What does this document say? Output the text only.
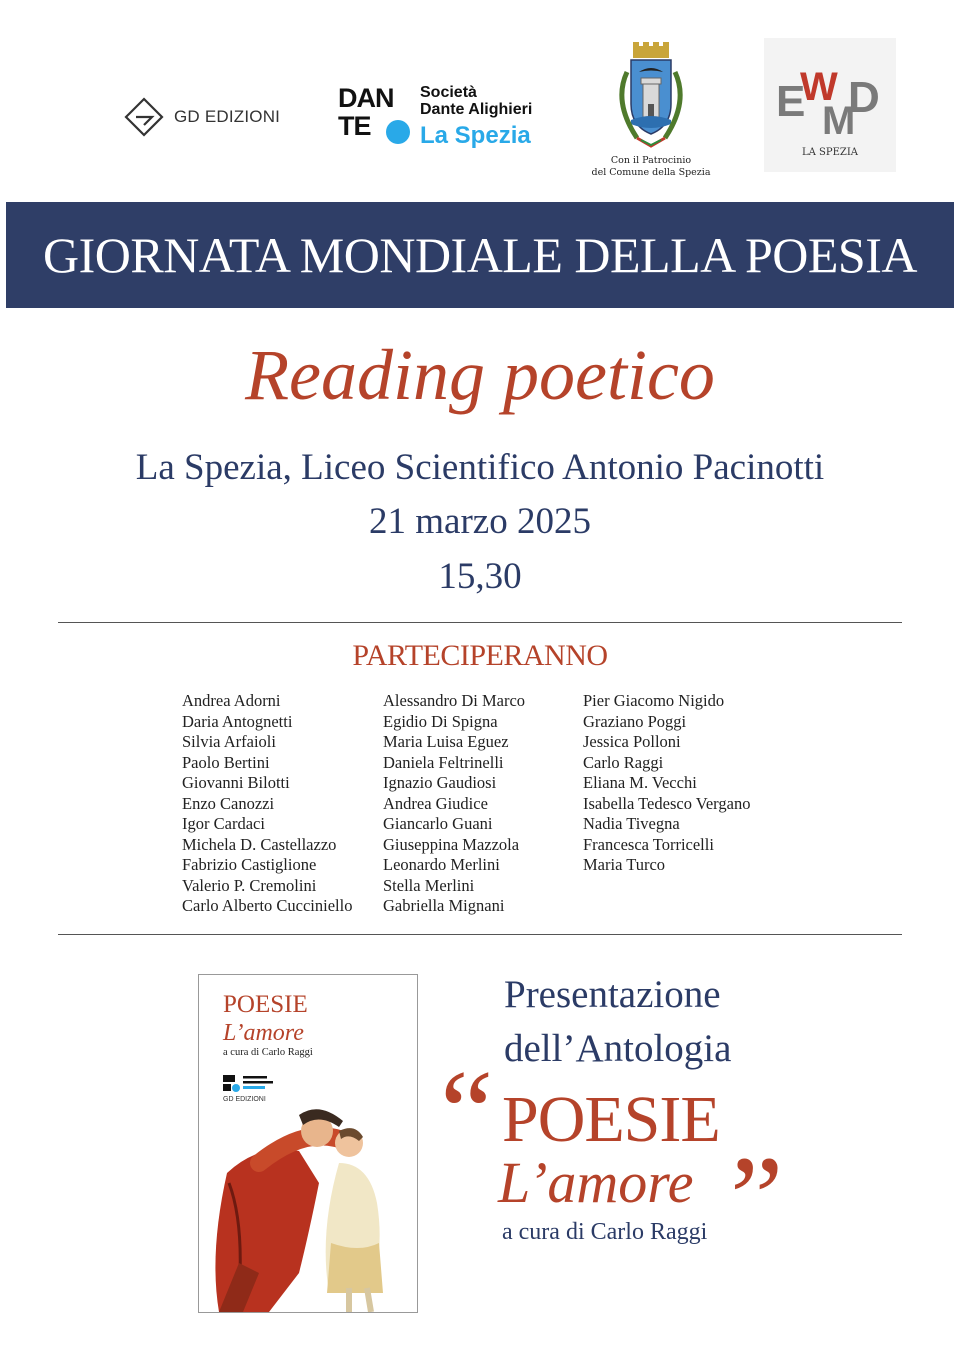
GD EDIZIONI
DAN
TE
Società
Dante Alighieri
La Spezia
Con il Patrocinio
del Comune della Spezia
E
W
M
D
LA SPEZIA
GIORNATA MONDIALE DELLA POESIA
Reading poetico
La Spezia, Liceo Scientifico Antonio Pacinotti
21 marzo 2025
15,30
PARTECIPERANNO
Andrea Adorni
Daria Antognetti
Silvia Arfaioli
Paolo Bertini
Giovanni Bilotti
Enzo Canozzi
Igor Cardaci
Michela D. Castellazzo
Fabrizio Castiglione
Valerio P. Cremolini
Carlo Alberto Cucciniello
Alessandro Di Marco
Egidio Di Spigna
Maria Luisa Eguez
Daniela Feltrinelli
Ignazio Gaudiosi
Andrea Giudice
Giancarlo Guani
Giuseppina Mazzola
Leonardo Merlini
Stella Merlini
Gabriella Mignani
Pier Giacomo Nigido
Graziano Poggi
Jessica Polloni
Carlo Raggi
Eliana M. Vecchi
Isabella Tedesco Vergano
Nadia Tivegna
Francesca Torricelli
Maria Turco
POESIE
L’amore
a cura di Carlo Raggi
GD EDIZIONI
Presentazione
dell’Antologia
“ POESIE
L’amore ”
a cura di Carlo Raggi
